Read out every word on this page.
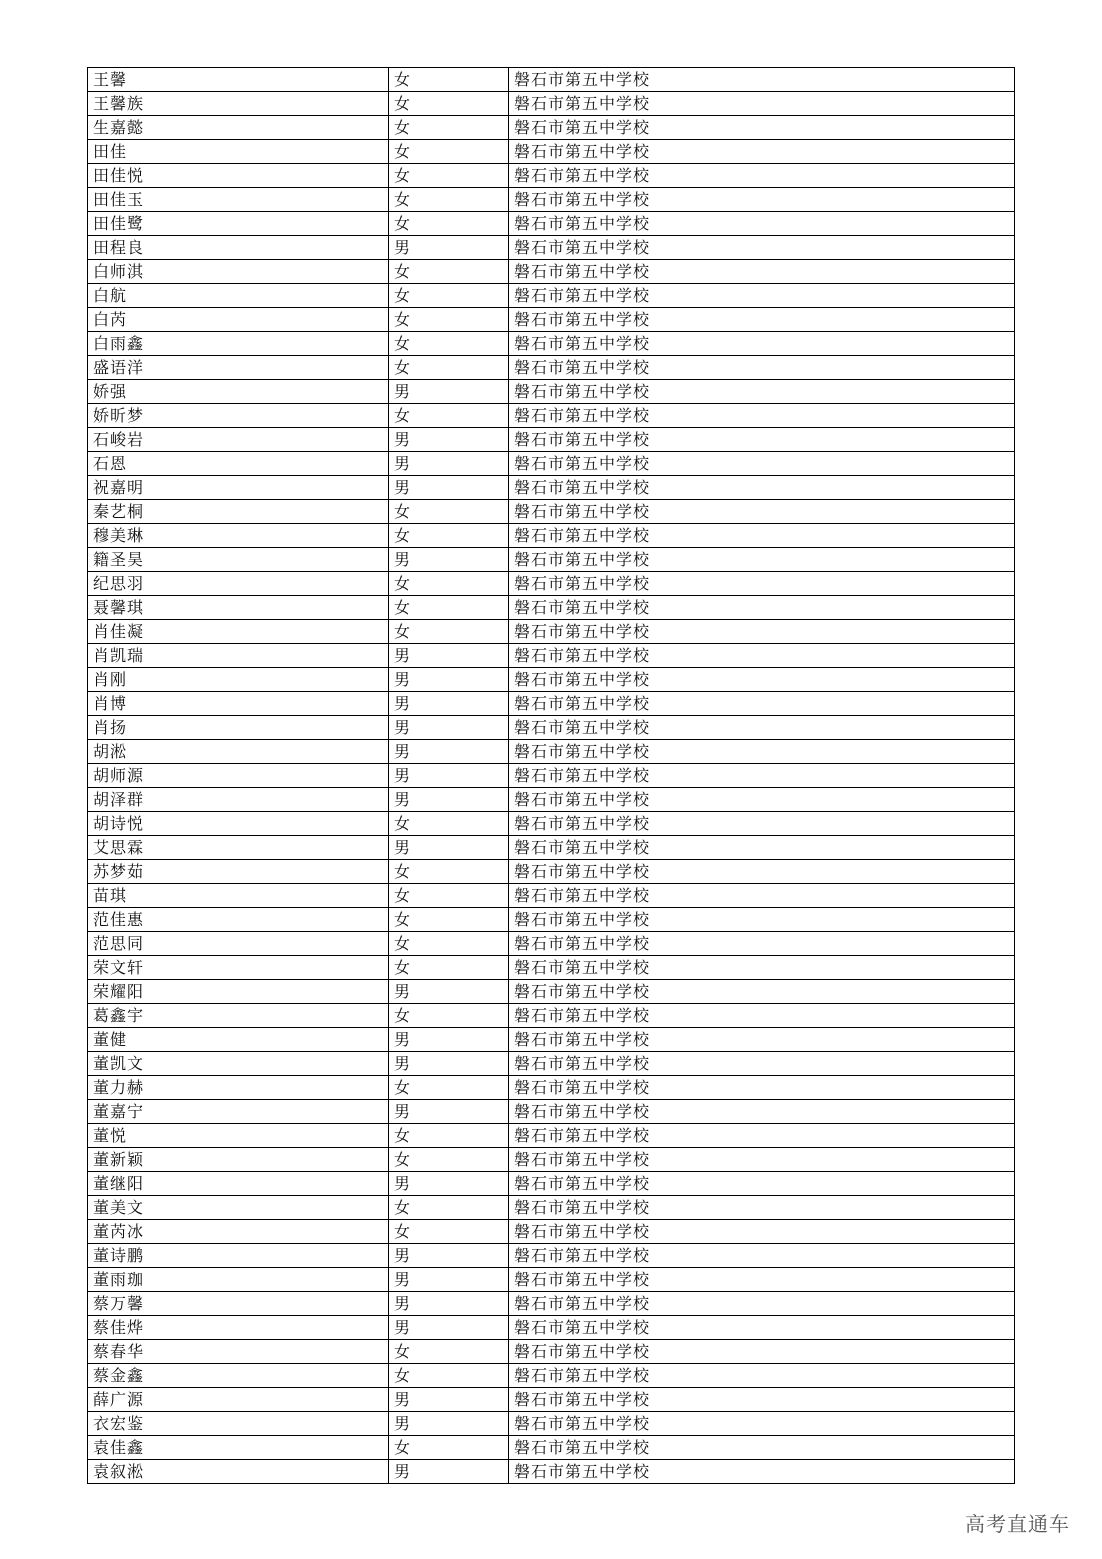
王馨	女	磐石市第五中学校
王馨族	女	磐石市第五中学校
生嘉懿	女	磐石市第五中学校
田佳	女	磐石市第五中学校
田佳悦	女	磐石市第五中学校
田佳玉	女	磐石市第五中学校
田佳鹭	女	磐石市第五中学校
田程良	男	磐石市第五中学校
白师淇	女	磐石市第五中学校
白航	女	磐石市第五中学校
白芮	女	磐石市第五中学校
白雨鑫	女	磐石市第五中学校
盛语洋	女	磐石市第五中学校
娇强	男	磐石市第五中学校
娇昕梦	女	磐石市第五中学校
石峻岩	男	磐石市第五中学校
石恩	男	磐石市第五中学校
祝嘉明	男	磐石市第五中学校
秦艺桐	女	磐石市第五中学校
穆美琳	女	磐石市第五中学校
籍圣昊	男	磐石市第五中学校
纪思羽	女	磐石市第五中学校
聂馨琪	女	磐石市第五中学校
肖佳凝	女	磐石市第五中学校
肖凯瑞	男	磐石市第五中学校
肖刚	男	磐石市第五中学校
肖博	男	磐石市第五中学校
肖扬	男	磐石市第五中学校
胡淞	男	磐石市第五中学校
胡师源	男	磐石市第五中学校
胡泽群	男	磐石市第五中学校
胡诗悦	女	磐石市第五中学校
艾思霖	男	磐石市第五中学校
苏梦茹	女	磐石市第五中学校
苗琪	女	磐石市第五中学校
范佳惠	女	磐石市第五中学校
范思同	女	磐石市第五中学校
荣文轩	女	磐石市第五中学校
荣耀阳	男	磐石市第五中学校
葛鑫宇	女	磐石市第五中学校
董健	男	磐石市第五中学校
董凯文	男	磐石市第五中学校
董力赫	女	磐石市第五中学校
董嘉宁	男	磐石市第五中学校
董悦	女	磐石市第五中学校
董新颖	女	磐石市第五中学校
董继阳	男	磐石市第五中学校
董美文	女	磐石市第五中学校
董芮冰	女	磐石市第五中学校
董诗鹏	男	磐石市第五中学校
董雨珈	男	磐石市第五中学校
蔡万馨	男	磐石市第五中学校
蔡佳烨	男	磐石市第五中学校
蔡春华	女	磐石市第五中学校
蔡金鑫	女	磐石市第五中学校
薛广源	男	磐石市第五中学校
衣宏鉴	男	磐石市第五中学校
袁佳鑫	女	磐石市第五中学校
袁叙淞	男	磐石市第五中学校
高考直通车
